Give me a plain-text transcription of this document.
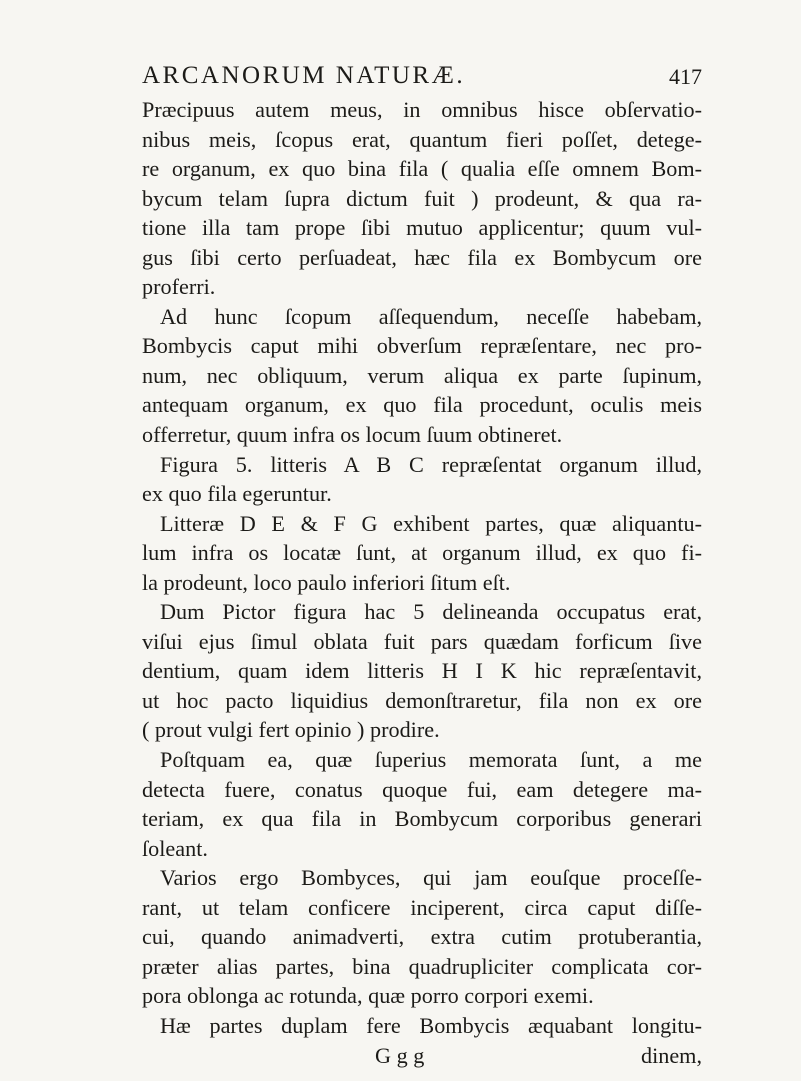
ARCANORUM NATURÆ.	417
Præcipuus autem meus, in omnibus hisce obſervatio-
nibus meis, ſcopus erat, quantum fieri poſſet, detege-
re organum, ex quo bina fila ( qualia eſſe omnem Bom-
bycum telam ſupra dictum fuit ) prodeunt, & qua ra-
tione illa tam prope ſibi mutuo applicentur; quum vul-
gus ſibi certo perſuadeat, hæc fila ex Bombycum ore
proferri.
Ad hunc ſcopum aſſequendum, neceſſe habebam,
Bombycis caput mihi obverſum repræſentare, nec pro-
num, nec obliquum, verum aliqua ex parte ſupinum,
antequam organum, ex quo fila procedunt, oculis meis
offerretur, quum infra os locum ſuum obtineret.
Figura 5. litteris A B C repræſentat organum illud,
ex quo fila egeruntur.
Litteræ D E & F G exhibent partes, quæ aliquantu-
lum infra os locatæ ſunt, at organum illud, ex quo fi-
la prodeunt, loco paulo inferiori ſitum eſt.
Dum Pictor figura hac 5 delineanda occupatus erat,
viſui ejus ſimul oblata fuit pars quædam forficum ſive
dentium, quam idem litteris H I K hic repræſentavit,
ut hoc pacto liquidius demonſtraretur, fila non ex ore
( prout vulgi fert opinio ) prodire.
Poſtquam ea, quæ ſuperius memorata ſunt, a me
detecta fuere, conatus quoque fui, eam detegere ma-
teriam, ex qua fila in Bombycum corporibus generari
ſoleant.
Varios ergo Bombyces, qui jam eouſque proceſſe-
rant, ut telam conficere inciperent, circa caput diſſe-
cui, quando animadverti, extra cutim protuberantia,
præter alias partes, bina quadrupliciter complicata cor-
pora oblonga ac rotunda, quæ porro corpori exemi.
Hæ partes duplam fere Bombycis æquabant longitu-
G g g	dinem,
